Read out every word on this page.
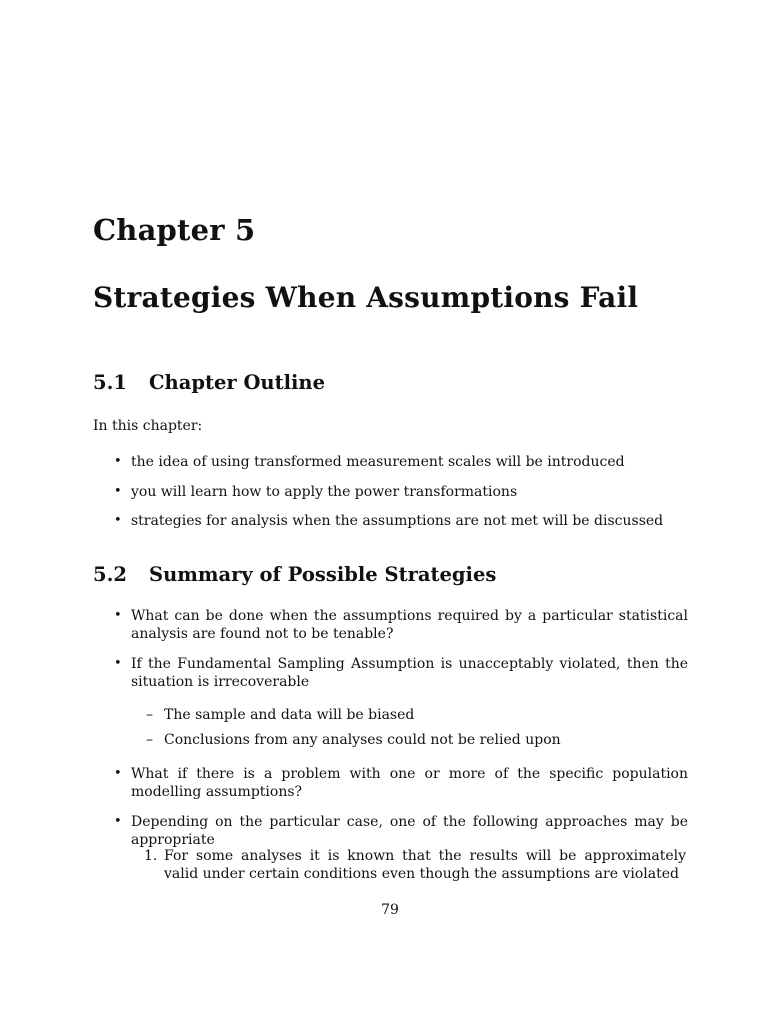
Chapter 5
Strategies When Assumptions Fail
5.1 Chapter Outline
In this chapter:
• the idea of using transformed measurement scales will be introduced
• you will learn how to apply the power transformations
• strategies for analysis when the assumptions are not met will be discussed
5.2 Summary of Possible Strategies
• What can be done when the assumptions required by a particular statistical analysis are found not to be tenable?
• If the Fundamental Sampling Assumption is unacceptably violated, then the situation is irrecoverable
– The sample and data will be biased
– Conclusions from any analyses could not be relied upon
• What if there is a problem with one or more of the specific population modelling assumptions?
• Depending on the particular case, one of the following approaches may be appropriate
1. For some analyses it is known that the results will be approximately valid under certain conditions even though the assumptions are violated
79
